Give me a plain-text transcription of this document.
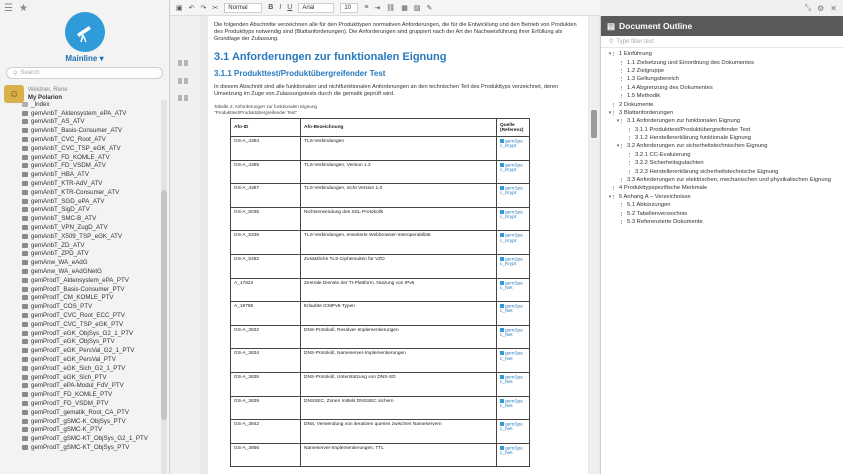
☰ ★
Mainline ▾
⚲ Search
☺	Weidner, Rene
My Polarion
_Index
gemAnbT_Aktensystem_ePA_ATV
gemAnbT_AS_ATV
gemAnbT_Basis-Consumer_ATV
gemAnbT_CVC_Root_ATV
gemAnbT_CVC_TSP_eGK_ATV
gemAnbT_FD_KOMLE_ATV
gemAnbT_FD_VSDM_ATV
gemAnbT_HBA_ATV
gemAnbT_KTR-AdV_ATV
gemAnbT_KTR-Consumer_ATV
gemAnbT_SGD_ePA_ATV
gemAnbT_SigD_ATV
gemAnbT_SMC-B_ATV
gemAnbT_VPN_ZugD_ATV
gemAnbT_X509_TSP_eGK_ATV
gemAnbT_ZD_ATV
gemAnbT_ZPD_ATV
gemAnw_WA_eAdG
gemAnw_WA_eAdGNetG
gemProdT_Aktensystem_ePA_PTV
gemProdT_Basis-Consumer_PTV
gemProdT_CM_KOMLE_PTV
gemProdT_COS_PTV
gemProdT_CVC_Root_ECC_PTV
gemProdT_CVC_TSP_eGK_PTV
gemProdT_eGK_ObjSys_G2_1_PTV
gemProdT_eGK_ObjSys_PTV
gemProdT_eGK_PersVal_G2_1_PTV
gemProdT_eGK_PersVal_PTV
gemProdT_eGK_Sich_G2_1_PTV
gemProdT_eGK_Sich_PTV
gemProdT_ePA-Modul_FdV_PTV
gemProdT_FD_KOMLE_PTV
gemProdT_FD_VSDM_PTV
gemProdT_gematik_Root_CA_PTV
gemProdT_gSMC-K_ObjSys_PTV
gemProdT_gSMC-K_PTV
gemProdT_gSMC-KT_ObjSys_G2_1_PTV
gemProdT_gSMC-KT_ObjSys_PTV
▣ ↶ ↷ ✂ Normal	B I U Arial	10 ≡ ⇥ ⛓ ▦ ▨ ✎
Die folgenden Abschnitte verzeichnen alle für den Produkttypen normativen Anforderungen, die für die Entwicklung und den Betrieb von Produkten des Produkttyps notwendig sind (Blattanforderungen). Die Anforderungen sind gruppiert nach der Art der Nachweisführung ihrer Erfüllung als Grundlage der Zulassung.
3.1 Anforderungen zur funktionalen Eignung
3.1.1 Produkttest/Produktübergreifender Test
In diesem Abschnitt sind alle funktionalen und nichtfunktionalen Anforderungen an den technischen Teil des Produkttyps verzeichnet, deren Umsetzung im Zuge von Zulassungstests durch die gematik geprüft wird.
Tabelle 2: Anforderungen zur funktionalen Eignung
"Produkttest/Produktübergreifender Test"
Afo-ID	Afo-Bezeichnung	Quelle
(Referenz)

GS-A_4384	TLS-Verbindungen	gemSpe
c_Krypt

GS-A_4385	TLS-Verbindungen, Version 1.2	gemSpe
c_Krypt

GS-A_4387	TLS-Verbindungen, nicht Version 1.0	gemSpe
c_Krypt

GS-A_5035	Nichtverwendung des SSL-Protokolls	gemSpe
c_Krypt

GS-A_5336	TLS-Verbindungen, erweiterte Webbrowser-Interoperabilität	gemSpe
c_Krypt

GS-A_5482	Zusätzliche TLS-Ciphersuiten für VZD	gemSpe
c_Krypt

A_17824	Zentrale Dienste der TI-Plattform, Nutzung von IPv6	gemSpe
c_Net

A_18786	Erlaubte ICMPv6-Typen	gemSpe
c_Net

GS-A_3832	DNS-Protokoll, Resolver-Implementierungen	gemSpe
c_Net

GS-A_3834	DNS-Protokoll, Nameserver-Implementierungen	gemSpe
c_Net

GS-A_3835	DNS-Protokoll, Unterstützung von DNS-SD	gemSpe
c_Net

GS-A_3839	DNSSEC, Zonen mittels DNSSEC sichern	gemSpe
c_Net

GS-A_3842	DNS, Verwendung von iterativen queries zwischen Nameservern	gemSpe
c_Net

GS-A_3856	Nameserver-Implementierungen, TTL	gemSpe
c_Net
⤡ ⚙ ✕
▤ Document Outline
⚲ Type filter text
▾	1 Einführung
1.1 Zielsetzung und Einordnung des Dokumentes
1.2 Zielgruppe
1.3 Geltungsbereich
1.4 Abgrenzung des Dokumentes
1.5 Methodik
2 Dokumente
▾	3 Blattanforderungen
▾	3.1 Anforderungen zur funktionalen Eignung
3.1.1 Produkttest/Produktübergreifender Test
3.1.2 Herstellererklärung funktionale Eignung
▾	3.2 Anforderungen zur sicherheitstechnischen Eignung
3.2.1 CC-Evaluierung
3.2.2 Sicherheitsgutachten
3.2.3 Herstellererklärung sicherheitstechnische Eignung
3.3 Anforderungen zur elektrischen, mechanischen und physikalischen Eignung
4 Produkttypspezifische Merkmale
▾	5 Anhang A – Verzeichnisse
5.1 Abkürzungen
5.2 Tabellenverzeichnis
5.3 Referenzierte Dokumente
